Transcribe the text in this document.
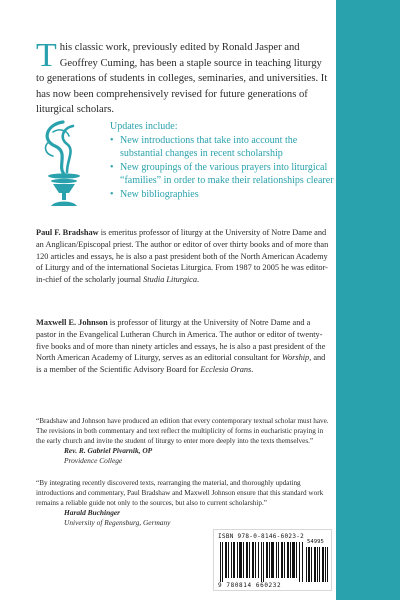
This classic work, previously edited by Ronald Jasper and Geoffrey Cuming, has been a staple source in teaching liturgy to generations of students in colleges, seminaries, and universities. It has now been comprehensively revised for future generations of liturgical scholars.
Updates include:
• New introductions that take into account the substantial changes in recent scholarship
• New groupings of the various prayers into liturgical “families” in order to make their relationships clearer
• New bibliographies
Paul F. Bradshaw is emeritus professor of liturgy at the University of Notre Dame and an Anglican/Episcopal priest. The author or editor of over thirty books and of more than 120 articles and essays, he is also a past president both of the North American Academy of Liturgy and of the international Societas Liturgica. From 1987 to 2005 he was editor-in-chief of the scholarly journal Studia Liturgica.
Maxwell E. Johnson is professor of liturgy at the University of Notre Dame and a pastor in the Evangelical Lutheran Church in America. The author or editor of twenty-five books and of more than ninety articles and essays, he is also a past president of the North American Academy of Liturgy, serves as an editorial consultant for Worship, and is a member of the Scientific Advisory Board for Ecclesia Orans.
“Bradshaw and Johnson have produced an edition that every contemporary textual scholar must have. The revisions in both commentary and text reflect the multiplicity of forms in eucharistic praying in the early church and invite the student of liturgy to enter more deeply into the texts themselves.”
Rev. R. Gabriel Pivarnik, OP
Providence College
“By integrating recently discovered texts, rearranging the material, and thoroughly updating introductions and commentary, Paul Bradshaw and Maxwell Johnson ensure that this standard work remains a reliable guide not only to the sources, but also to current scholarship.”
Harald Buchinger
University of Regensburg, Germany
ISBN 978-0-8146-6023-2
54995
9 780814 660232
